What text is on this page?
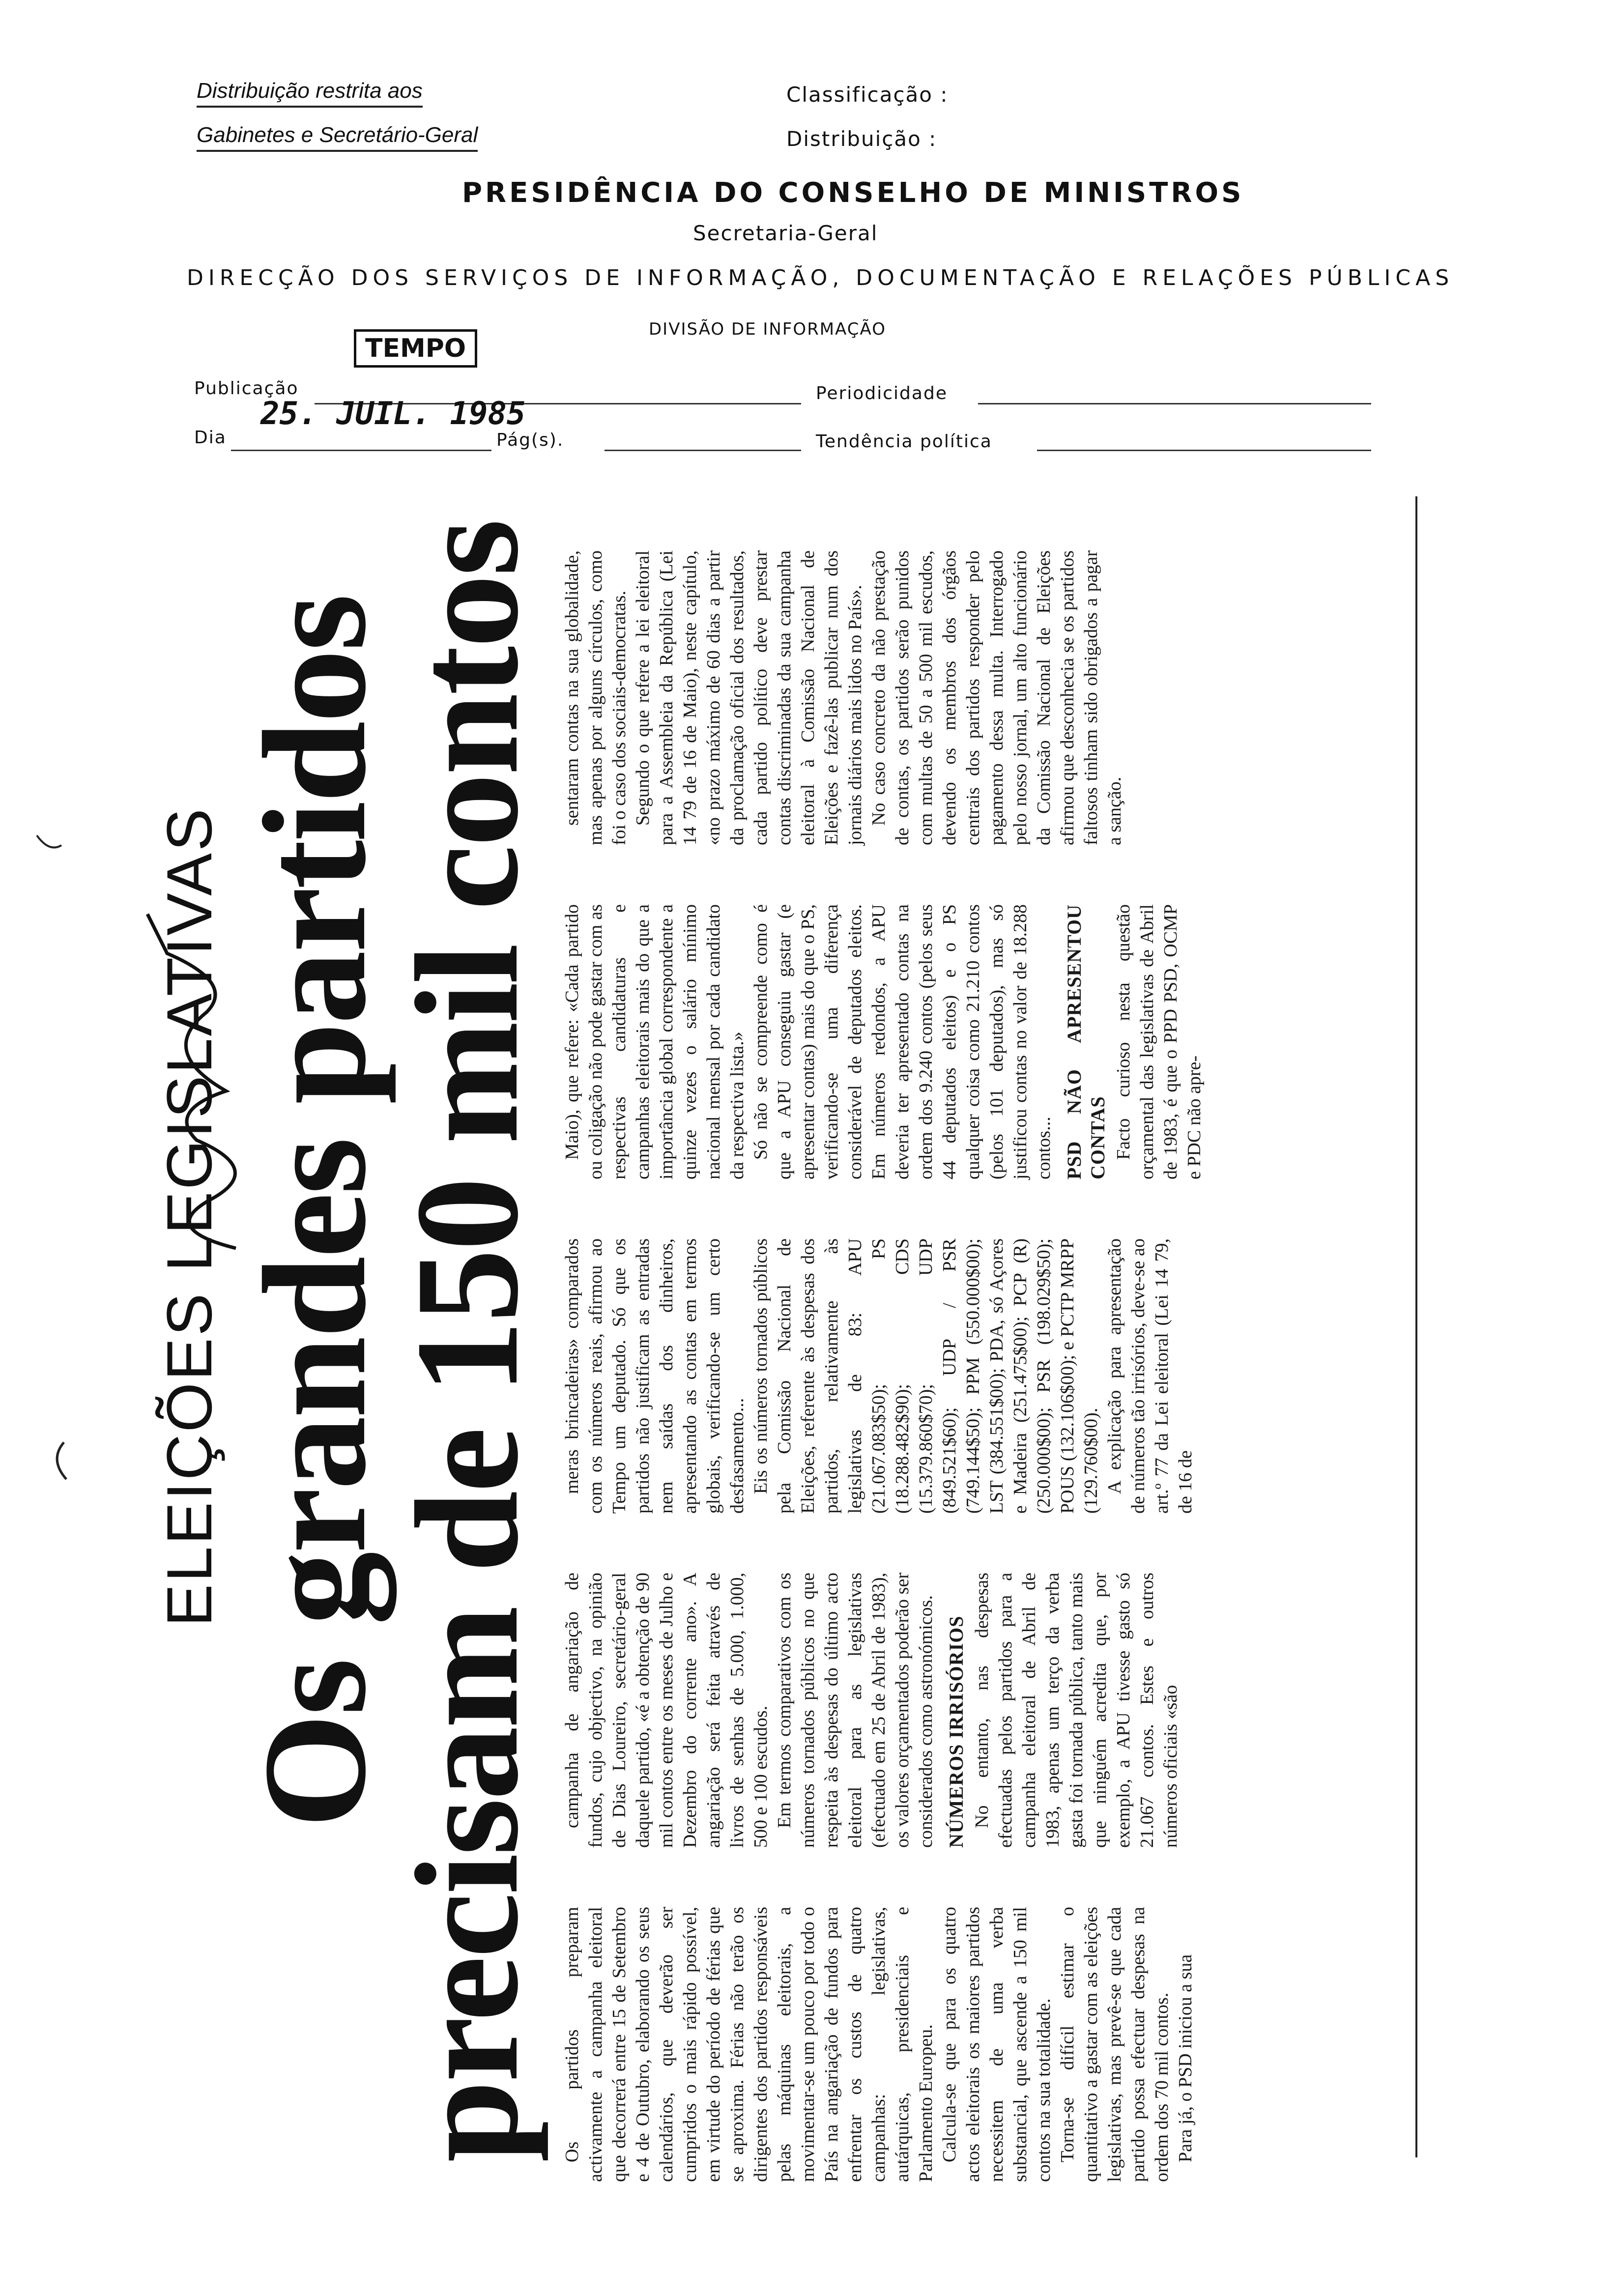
Distribuição restrita aos
Gabinetes e Secretário-Geral
Classificação :
Distribuição :
PRESIDÊNCIA DO CONSELHO DE MINISTROS
Secretaria-Geral
DIRECÇÃO DOS SERVIÇOS DE INFORMAÇÃO, DOCUMENTAÇÃO E RELAÇÕES PÚBLICAS
DIVISÃO DE INFORMAÇÃO
TEMPO
Publicação	Periodicidade
Dia
25. JUIL. 1985
Pág(s).	Tendência política
ELEIÇÕES LEGISLATIVAS Os grandes partidos
precisam de 150 mil contos Os partidos preparam activamente a campanha eleitoral que decorrerá entre 15 de Setembro e 4 de Outubro, elaborando os seus calendários, que deverão ser cumpridos o mais rápido possível, em virtude do período de férias que se aproxima. Férias não terão os dirigentes dos partidos responsáveis pelas máquinas eleitorais, a movimentar-se um pouco por todo o País na angariação de fundos para enfrentar os custos de quatro campanhas: legislativas, autárquicas, presidenciais e Parlamento Europeu. Calcula-se que para os quatro actos eleitorais os maiores partidos necessitem de uma verba substancial, que ascende a 150 mil contos na sua totalidade. Torna-se difícil estimar o quantitativo a gastar com as eleições legislativas, mas prevê-se que cada partido possa efectuar despesas na ordem dos 70 mil contos. Para já, o PSD iniciou a sua

campanha de angariação de fundos, cujo objectivo, na opinião de Dias Loureiro, secretário-geral daquele partido, «é a obtenção de 90 mil contos entre os meses de Julho e Dezembro do corrente ano». A angariação será feita através de livros de senhas de 5.000, 1.000, 500 e 100 escudos. Em termos comparativos com os números tornados públicos no que respeita às despesas do último acto eleitoral para as legislativas (efectuado em 25 de Abril de 1983), os valores orçamentados poderão ser considerados como astronómicos. NÚMEROS IRRISÓRIOS No entanto, nas despesas efectuadas pelos partidos para a campanha eleitoral de Abril de 1983, apenas um terço da verba gasta foi tornada pública, tanto mais que ninguém acredita que, por exemplo, a APU tivesse gasto só 21.067 contos. Estes e outros números oficiais «são

meras brincadeiras» comparados com os números reais, afirmou ao Tempo um deputado. Só que os partidos não justificam as entradas nem saídas dos dinheiros, apresentando as contas em termos globais, verificando-se um certo desfasamento... Eis os números tornados públicos pela Comissão Nacional de Eleições, referente às despesas dos partidos, relativamente às legislativas de 83: APU (21.067.083$50); PS (18.288.482$90); CDS (15.379.860$70); UDP (849.521$60); UDP / PSR (749.144$50); PPM (550.000$00); LST (384.551$00); PDA, só Açores e Madeira (251.475$00); PCP (R) (250.000$00); PSR (198.029$50); POUS (132.106$00); e PCTP MRPP (129.760$00). A explicação para apresentação de números tão irrisórios, deve-se ao art.º 77 da Lei eleitoral (Lei 14 79, de 16 de

Maio), que refere: «Cada partido ou coligação não pode gastar com as respectivas candidaturas e campanhas eleitorais mais do que a importância global correspondente a quinze vezes o salário mínimo nacional mensal por cada candidato da respectiva lista.» Só não se compreende como é que a APU conseguiu gastar (e apresentar contas) mais do que o PS, verificando-se uma diferença considerável de deputados eleitos. Em números redondos, a APU deveria ter apresentado contas na ordem dos 9.240 contos (pelos seus 44 deputados eleitos) e o PS qualquer coisa como 21.210 contos (pelos 101 deputados), mas só justificou contas no valor de 18.288 contos... PSD NÃO APRESENTOU CONTAS Facto curioso nesta questão orçamental das legislativas de Abril de 1983, é que o PPD PSD, OCMP e PDC não apre-

sentaram contas na sua globalidade, mas apenas por alguns círculos, como foi o caso dos sociais-democratas. Segundo o que refere a lei eleitoral para a Assembleia da República (Lei 14 79 de 16 de Maio), neste capítulo, «no prazo máximo de 60 dias a partir da proclamação oficial dos resultados, cada partido político deve prestar contas discriminadas da sua campanha eleitoral à Comissão Nacional de Eleições e fazê-las publicar num dos jornais diários mais lidos no País». No caso concreto da não prestação de contas, os partidos serão punidos com multas de 50 a 500 mil escudos, devendo os membros dos órgãos centrais dos partidos responder pelo pagamento dessa multa. Interrogado pelo nosso jornal, um alto funcionário da Comissão Nacional de Eleições afirmou que desconhecia se os partidos faltosos tinham sido obrigados a pagar a sanção.
